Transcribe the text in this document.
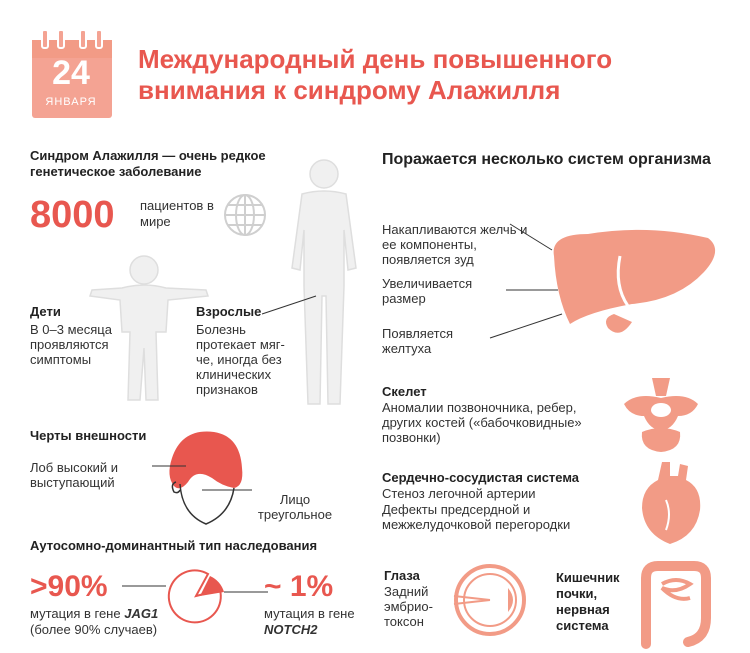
24
ЯНВАРЯ
Международный день повышенного внимания к синдрому Алажилля
Синдром Алажилля — очень редкое генетическое заболевание
8000 пациентов в мире
Дети
В 0–3 месяца проявляются симптомы
Взрослые
Болезнь протекает мяг-че, иногда без клинических признаков
Черты внешности
Лоб высокий и выступающий
Лицо треугольное
Аутосомно-доминантный тип наследования
>90%
мутация в гене JAG1
(более 90% случаев)
~ 1%
мутация в гене
NOTCH2
Поражается несколько систем организма
Накапливаются желчь и ее компоненты, появляется зуд
Увеличивается размер
Появляется желтуха
Скелет
Аномалии позвоночника, ребер, других костей («бабочковидные» позвонки)
Сердечно-сосудистая система
Стеноз легочной артерии
Дефекты предсердной и межжелудочковой перегородки
Глаза
Задний эмбрио-токсон
Кишечник почки, нервная система
